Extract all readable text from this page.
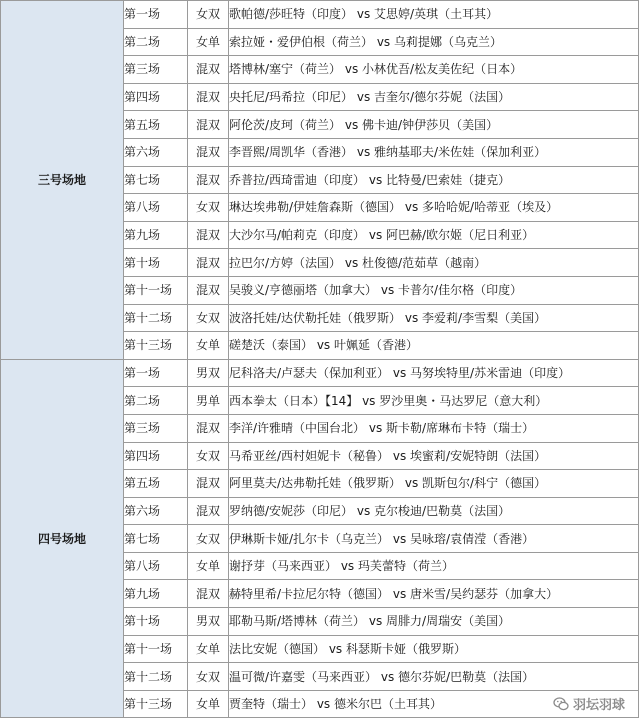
三号场地	第一场	女双	歌帕德/莎旺特（印度） vs 艾思婷/英琪（土耳其）
	第二场	女单	索拉娅・爱伊伯根（荷兰） vs 乌莉提娜（乌克兰）
	第三场	混双	塔博林/塞宁（荷兰） vs 小林优吾/松友美佐纪（日本）
	第四场	混双	央托尼/玛希拉（印尼） vs 吉奎尔/德尔芬妮（法国）
	第五场	混双	阿伦茨/皮珂（荷兰） vs 佛卡迪/钟伊莎贝（美国）
	第六场	混双	李晋熙/周凯华（香港） vs 雅纳基耶夫/米佐娃（保加利亚）
	第七场	混双	乔普拉/西琦雷迪（印度） vs 比特曼/巴索娃（捷克）
	第八场	女双	琳达埃弗勒/伊娃詹森斯（德国） vs 多哈哈妮/哈蒂亚（埃及）
	第九场	混双	大沙尔马/帕莉克（印度） vs 阿巴赫/欧尔姬（尼日利亚）
	第十场	混双	拉巴尔/方婷（法国） vs 杜俊德/范茹草（越南）
	第十一场	混双	吴骏义/亨德丽塔（加拿大） vs 卡普尔/佳尔格（印度）
	第十二场	女双	波洛托娃/达伏勒托娃（俄罗斯） vs 李爱莉/李雪梨（美国）
	第十三场	女单	磋楚沃（泰国） vs 叶姵延（香港）
四号场地	第一场	男双	尼科洛夫/卢瑟夫（保加利亚） vs 马努埃特里/苏米雷迪（印度）
	第二场	男单	西本拳太（日本）【14】 vs 罗沙里奥・马达罗尼（意大利）
	第三场	混双	李洋/许雅晴（中国台北） vs 斯卡勒/席琳布卡特（瑞士）
	第四场	女双	马希亚丝/西村妲妮卡（秘鲁） vs 埃蜜莉/安妮特朗（法国）
	第五场	混双	阿里莫夫/达弗勒托娃（俄罗斯） vs 凯斯包尔/科宁（德国）
	第六场	混双	罗纳德/安妮莎（印尼） vs 克尔梭迪/巴勒莫（法国）
	第七场	女双	伊琳斯卡娅/扎尔卡（乌克兰） vs 吴咏瑢/袁倩滢（香港）
	第八场	女单	谢抒芽（马来西亚） vs 玛芙蕾特（荷兰）
	第九场	混双	赫特里希/卡拉尼尔特（德国） vs 唐米雪/吴约瑟芬（加拿大）
	第十场	男双	耶勒马斯/塔博林（荷兰） vs 周腓力/周瑞安（美国）
	第十一场	女单	法比安妮（德国） vs 科瑟斯卡娅（俄罗斯）
	第十二场	女双	温可微/许嘉雯（马来西亚） vs 德尔芬妮/巴勒莫（法国）
	第十三场	女单	贾奎特（瑞士） vs 德米尔巴（土耳其）	羽坛羽球
